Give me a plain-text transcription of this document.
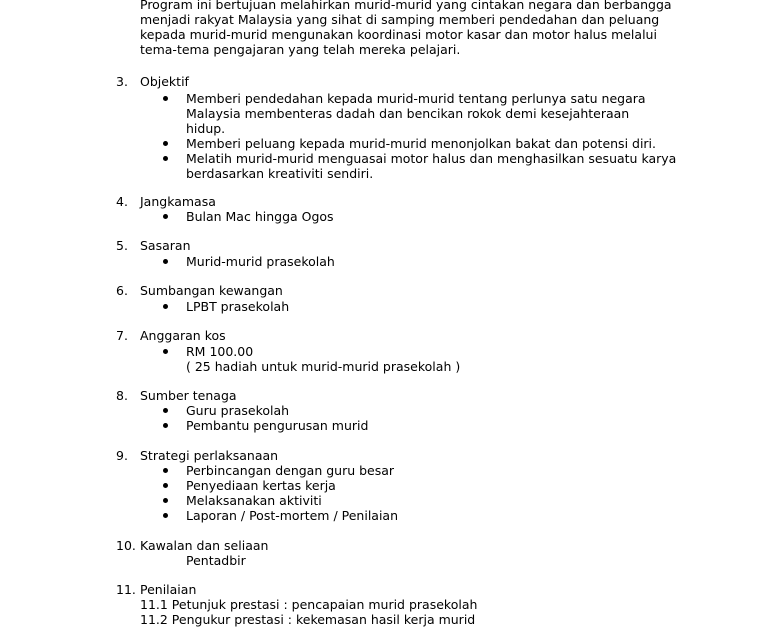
Program ini bertujuan melahirkan murid-murid yang cintakan negara dan berbangga
menjadi rakyat Malaysia yang sihat di samping memberi pendedahan dan peluang
kepada murid-murid mengunakan koordinasi motor kasar dan motor halus melalui
tema-tema pengajaran yang telah mereka pelajari.
3. Objektif
Memberi pendedahan kepada murid-murid tentang perlunya satu negara
Malaysia membenteras dadah dan bencikan rokok demi kesejahteraan
hidup.
Memberi peluang kepada murid-murid menonjolkan bakat dan potensi diri.
Melatih murid-murid menguasai motor halus dan menghasilkan sesuatu karya
berdasarkan kreativiti sendiri.
4. Jangkamasa
Bulan Mac hingga Ogos
5. Sasaran
Murid-murid prasekolah
6. Sumbangan kewangan
LPBT prasekolah
7. Anggaran kos
RM 100.00
( 25 hadiah untuk murid-murid prasekolah )
8. Sumber tenaga
Guru prasekolah
Pembantu pengurusan murid
9. Strategi perlaksanaan
Perbincangan dengan guru besar
Penyediaan kertas kerja
Melaksanakan aktiviti
Laporan / Post-mortem / Penilaian
10. Kawalan dan seliaan
Pentadbir
11. Penilaian
11.1 Petunjuk prestasi : pencapaian murid prasekolah
11.2 Pengukur prestasi : kekemasan hasil kerja murid
